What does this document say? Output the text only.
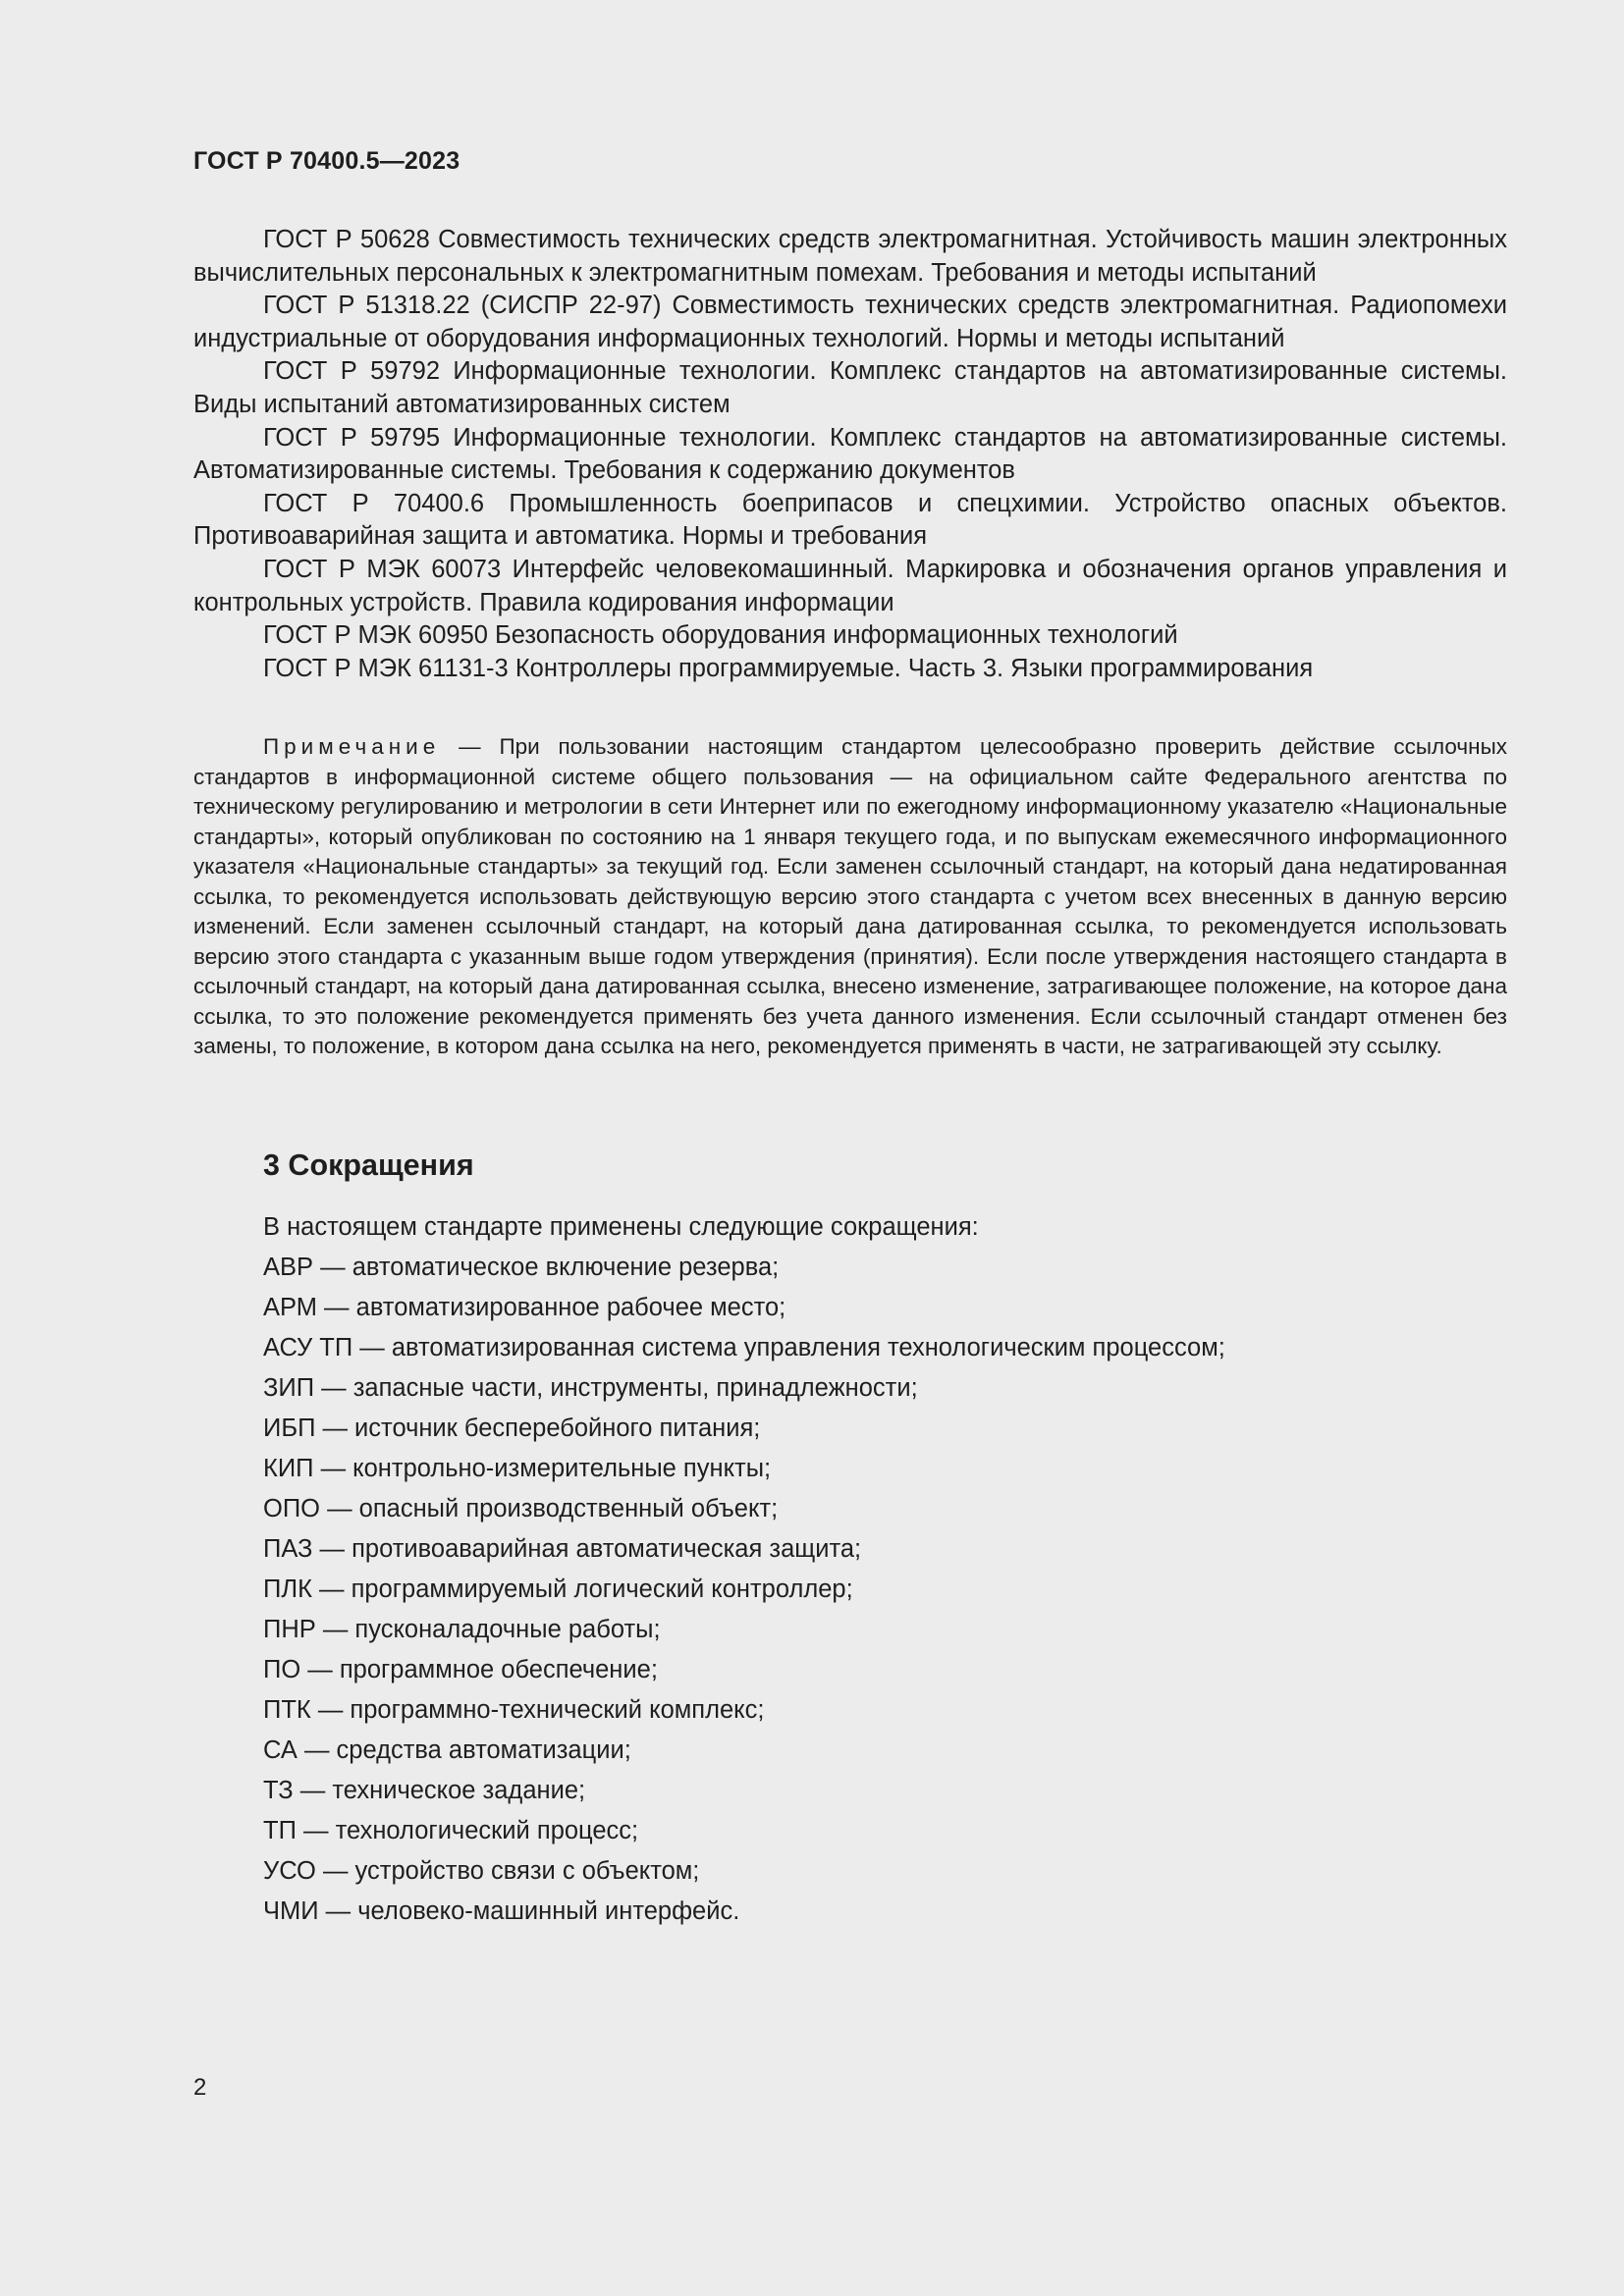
ГОСТ Р 70400.5—2023

ГОСТ Р 50628 Совместимость технических средств электромагнитная. Устойчивость машин электронных вычислительных персональных к электромагнитным помехам. Требования и методы испытаний

ГОСТ Р 51318.22 (СИСПР 22-97) Совместимость технических средств электромагнитная. Радиопомехи индустриальные от оборудования информационных технологий. Нормы и методы испытаний

ГОСТ Р 59792 Информационные технологии. Комплекс стандартов на автоматизированные системы. Виды испытаний автоматизированных систем

ГОСТ Р 59795 Информационные технологии. Комплекс стандартов на автоматизированные системы. Автоматизированные системы. Требования к содержанию документов

ГОСТ Р 70400.6 Промышленность боеприпасов и спецхимии. Устройство опасных объектов. Противоаварийная защита и автоматика. Нормы и требования

ГОСТ Р МЭК 60073 Интерфейс человекомашинный. Маркировка и обозначения органов управления и контрольных устройств. Правила кодирования информации

ГОСТ Р МЭК 60950 Безопасность оборудования информационных технологий

ГОСТ Р МЭК 61131-3 Контроллеры программируемые. Часть 3. Языки программирования

Примечание — При пользовании настоящим стандартом целесообразно проверить действие ссылочных стандартов в информационной системе общего пользования — на официальном сайте Федерального агентства по техническому регулированию и метрологии в сети Интернет или по ежегодному информационному указателю «Национальные стандарты», который опубликован по состоянию на 1 января текущего года, и по выпускам ежемесячного информационного указателя «Национальные стандарты» за текущий год. Если заменен ссылочный стандарт, на который дана недатированная ссылка, то рекомендуется использовать действующую версию этого стандарта с учетом всех внесенных в данную версию изменений. Если заменен ссылочный стандарт, на который дана датированная ссылка, то рекомендуется использовать версию этого стандарта с указанным выше годом утверждения (принятия). Если после утверждения настоящего стандарта в ссылочный стандарт, на который дана датированная ссылка, внесено изменение, затрагивающее положение, на которое дана ссылка, то это положение рекомендуется применять без учета данного изменения. Если ссылочный стандарт отменен без замены, то положение, в котором дана ссылка на него, рекомендуется применять в части, не затрагивающей эту ссылку.

3 Сокращения

В настоящем стандарте применены следующие сокращения:

АВР — автоматическое включение резерва;

АРМ — автоматизированное рабочее место;

АСУ ТП — автоматизированная система управления технологическим процессом;

ЗИП — запасные части, инструменты, принадлежности;

ИБП — источник бесперебойного питания;

КИП — контрольно-измерительные пункты;

ОПО — опасный производственный объект;

ПАЗ — противоаварийная автоматическая защита;

ПЛК — программируемый логический контроллер;

ПНР — пусконаладочные работы;

ПО — программное обеспечение;

ПТК — программно-технический комплекс;

СА — средства автоматизации;

ТЗ — техническое задание;

ТП — технологический процесс;

УСО — устройство связи с объектом;

ЧМИ — человеко-машинный интерфейс.

2
